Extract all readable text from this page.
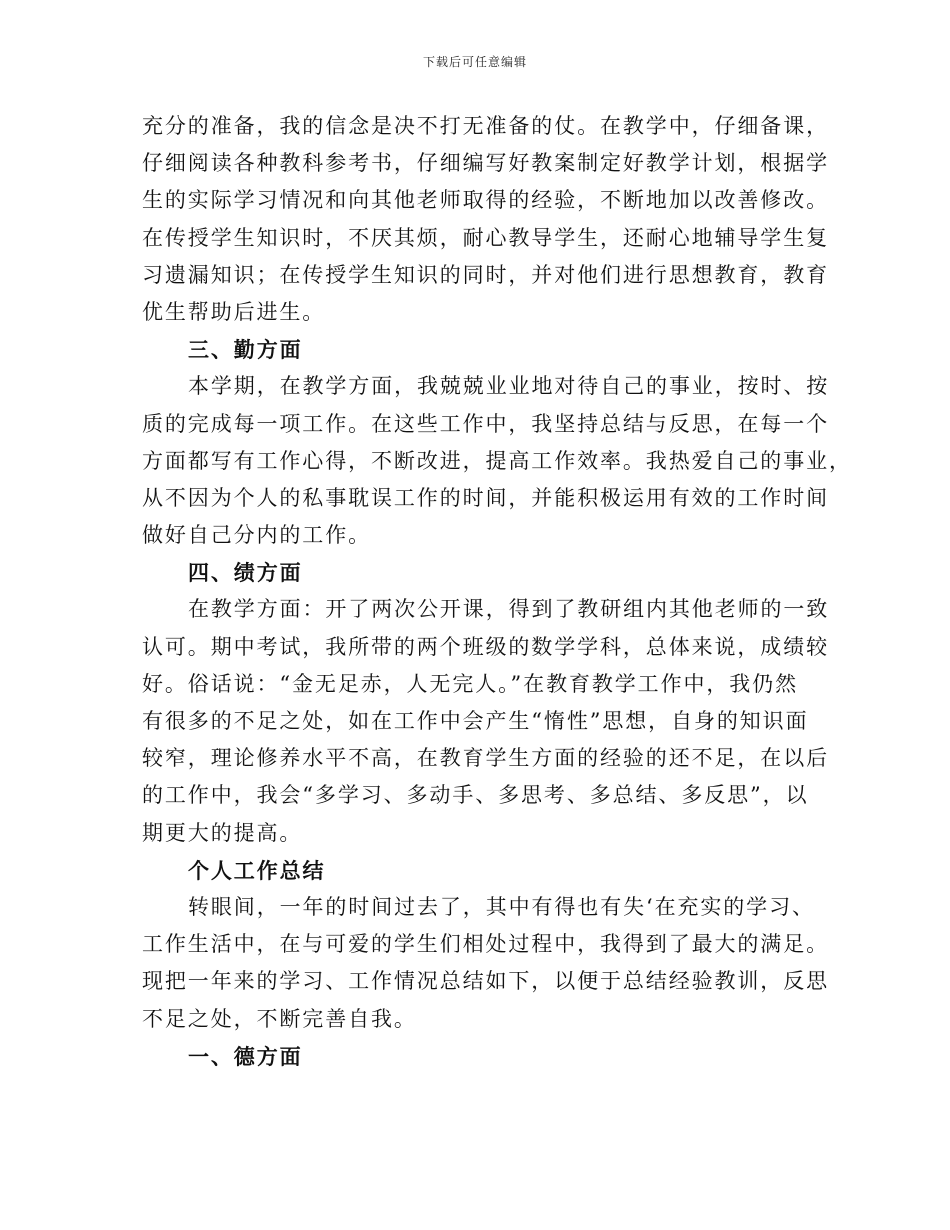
下载后可任意编辑
充分的准备，我的信念是决不打无准备的仗。在教学中，仔细备课，
仔细阅读各种教科参考书，仔细编写好教案制定好教学计划，根据学
生的实际学习情况和向其他老师取得的经验，不断地加以改善修改。
在传授学生知识时，不厌其烦，耐心教导学生，还耐心地辅导学生复
习遗漏知识；在传授学生知识的同时，并对他们进行思想教育，教育
优生帮助后进生。
三、勤方面
本学期，在教学方面，我兢兢业业地对待自己的事业，按时、按
质的完成每一项工作。在这些工作中，我坚持总结与反思，在每一个
方面都写有工作心得，不断改进，提高工作效率。我热爱自己的事业，
从不因为个人的私事耽误工作的时间，并能积极运用有效的工作时间
做好自己分内的工作。
四、绩方面
在教学方面：开了两次公开课，得到了教研组内其他老师的一致
认可。期中考试，我所带的两个班级的数学学科，总体来说，成绩较
好。俗话说：“金无足赤，人无完人。”在教育教学工作中，我仍然
有很多的不足之处，如在工作中会产生“惰性”思想，自身的知识面
较窄，理论修养水平不高，在教育学生方面的经验的还不足，在以后
的工作中，我会“多学习、多动手、多思考、多总结、多反思”，以
期更大的提高。
个人工作总结
转眼间，一年的时间过去了，其中有得也有失‘在充实的学习、
工作生活中，在与可爱的学生们相处过程中，我得到了最大的满足。
现把一年来的学习、工作情况总结如下，以便于总结经验教训，反思
不足之处，不断完善自我。
一、德方面
